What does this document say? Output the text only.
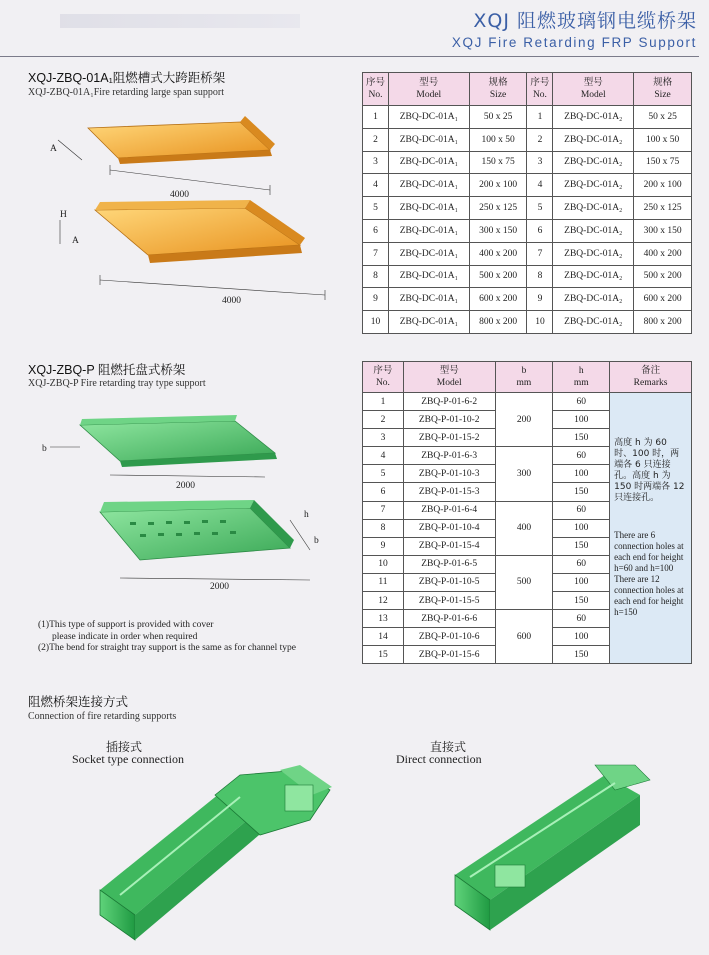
XQJ 阻燃玻璃钢电缆桥架
XQJ Fire Retarding FRP Support
XQJ-ZBQ-01A₁阻燃槽式大跨距桥架
XQJ-ZBQ-01A₁Fire retarding large span support
A
4000
H
A
4000
序号
No.	型号
Model	规格
Size	序号
No.	型号
Model	规格
Size
1	ZBQ-DC-01A₁	50 x 25	1	ZBQ-DC-01A₂	50 x 25
2	ZBQ-DC-01A₁	100 x 50	2	ZBQ-DC-01A₂	100 x 50
3	ZBQ-DC-01A₁	150 x 75	3	ZBQ-DC-01A₂	150 x 75
4	ZBQ-DC-01A₁	200 x 100	4	ZBQ-DC-01A₂	200 x 100
5	ZBQ-DC-01A₁	250 x 125	5	ZBQ-DC-01A₂	250 x 125
6	ZBQ-DC-01A₁	300 x 150	6	ZBQ-DC-01A₂	300 x 150
7	ZBQ-DC-01A₁	400 x 200	7	ZBQ-DC-01A₂	400 x 200
8	ZBQ-DC-01A₁	500 x 200	8	ZBQ-DC-01A₂	500 x 200
9	ZBQ-DC-01A₁	600 x 200	9	ZBQ-DC-01A₂	600 x 200
10	ZBQ-DC-01A₁	800 x 200	10	ZBQ-DC-01A₂	800 x 200
XQJ-ZBQ-P 阻燃托盘式桥架
XQJ-ZBQ-P Fire retarding tray type support
b
2000
h
b
2000
(1)This type of support is provided with cover
please indicate in order when required
(2)The bend for straight tray support is the same as for channel type
序号
No.	型号
Model	b
mm	h
mm	备注
Remarks
1	ZBQ-P-01-6-2	200	60	高度 h 为 60 时、100 时，两端各 6 只连接孔。高度 h 为 150 时两端各 12 只连接孔。
There are 6 connection holes at each end for height h=60 and h=100 There are 12 connection holes at each end for height h=150

2	ZBQ-P-01-10-2		100	
3	ZBQ-P-01-15-2		150	
4	ZBQ-P-01-6-3	300	60	
5	ZBQ-P-01-10-3		100	
6	ZBQ-P-01-15-3		150	
7	ZBQ-P-01-6-4	400	60	
8	ZBQ-P-01-10-4		100	
9	ZBQ-P-01-15-4		150	
10	ZBQ-P-01-6-5	500	60	
11	ZBQ-P-01-10-5		100	
12	ZBQ-P-01-15-5		150	
13	ZBQ-P-01-6-6	600	60	
14	ZBQ-P-01-10-6		100	
15	ZBQ-P-01-15-6		150	
阻燃桥架连接方式
Connection of fire retarding supports
插接式
Socket type connection
直接式
Direct connection
